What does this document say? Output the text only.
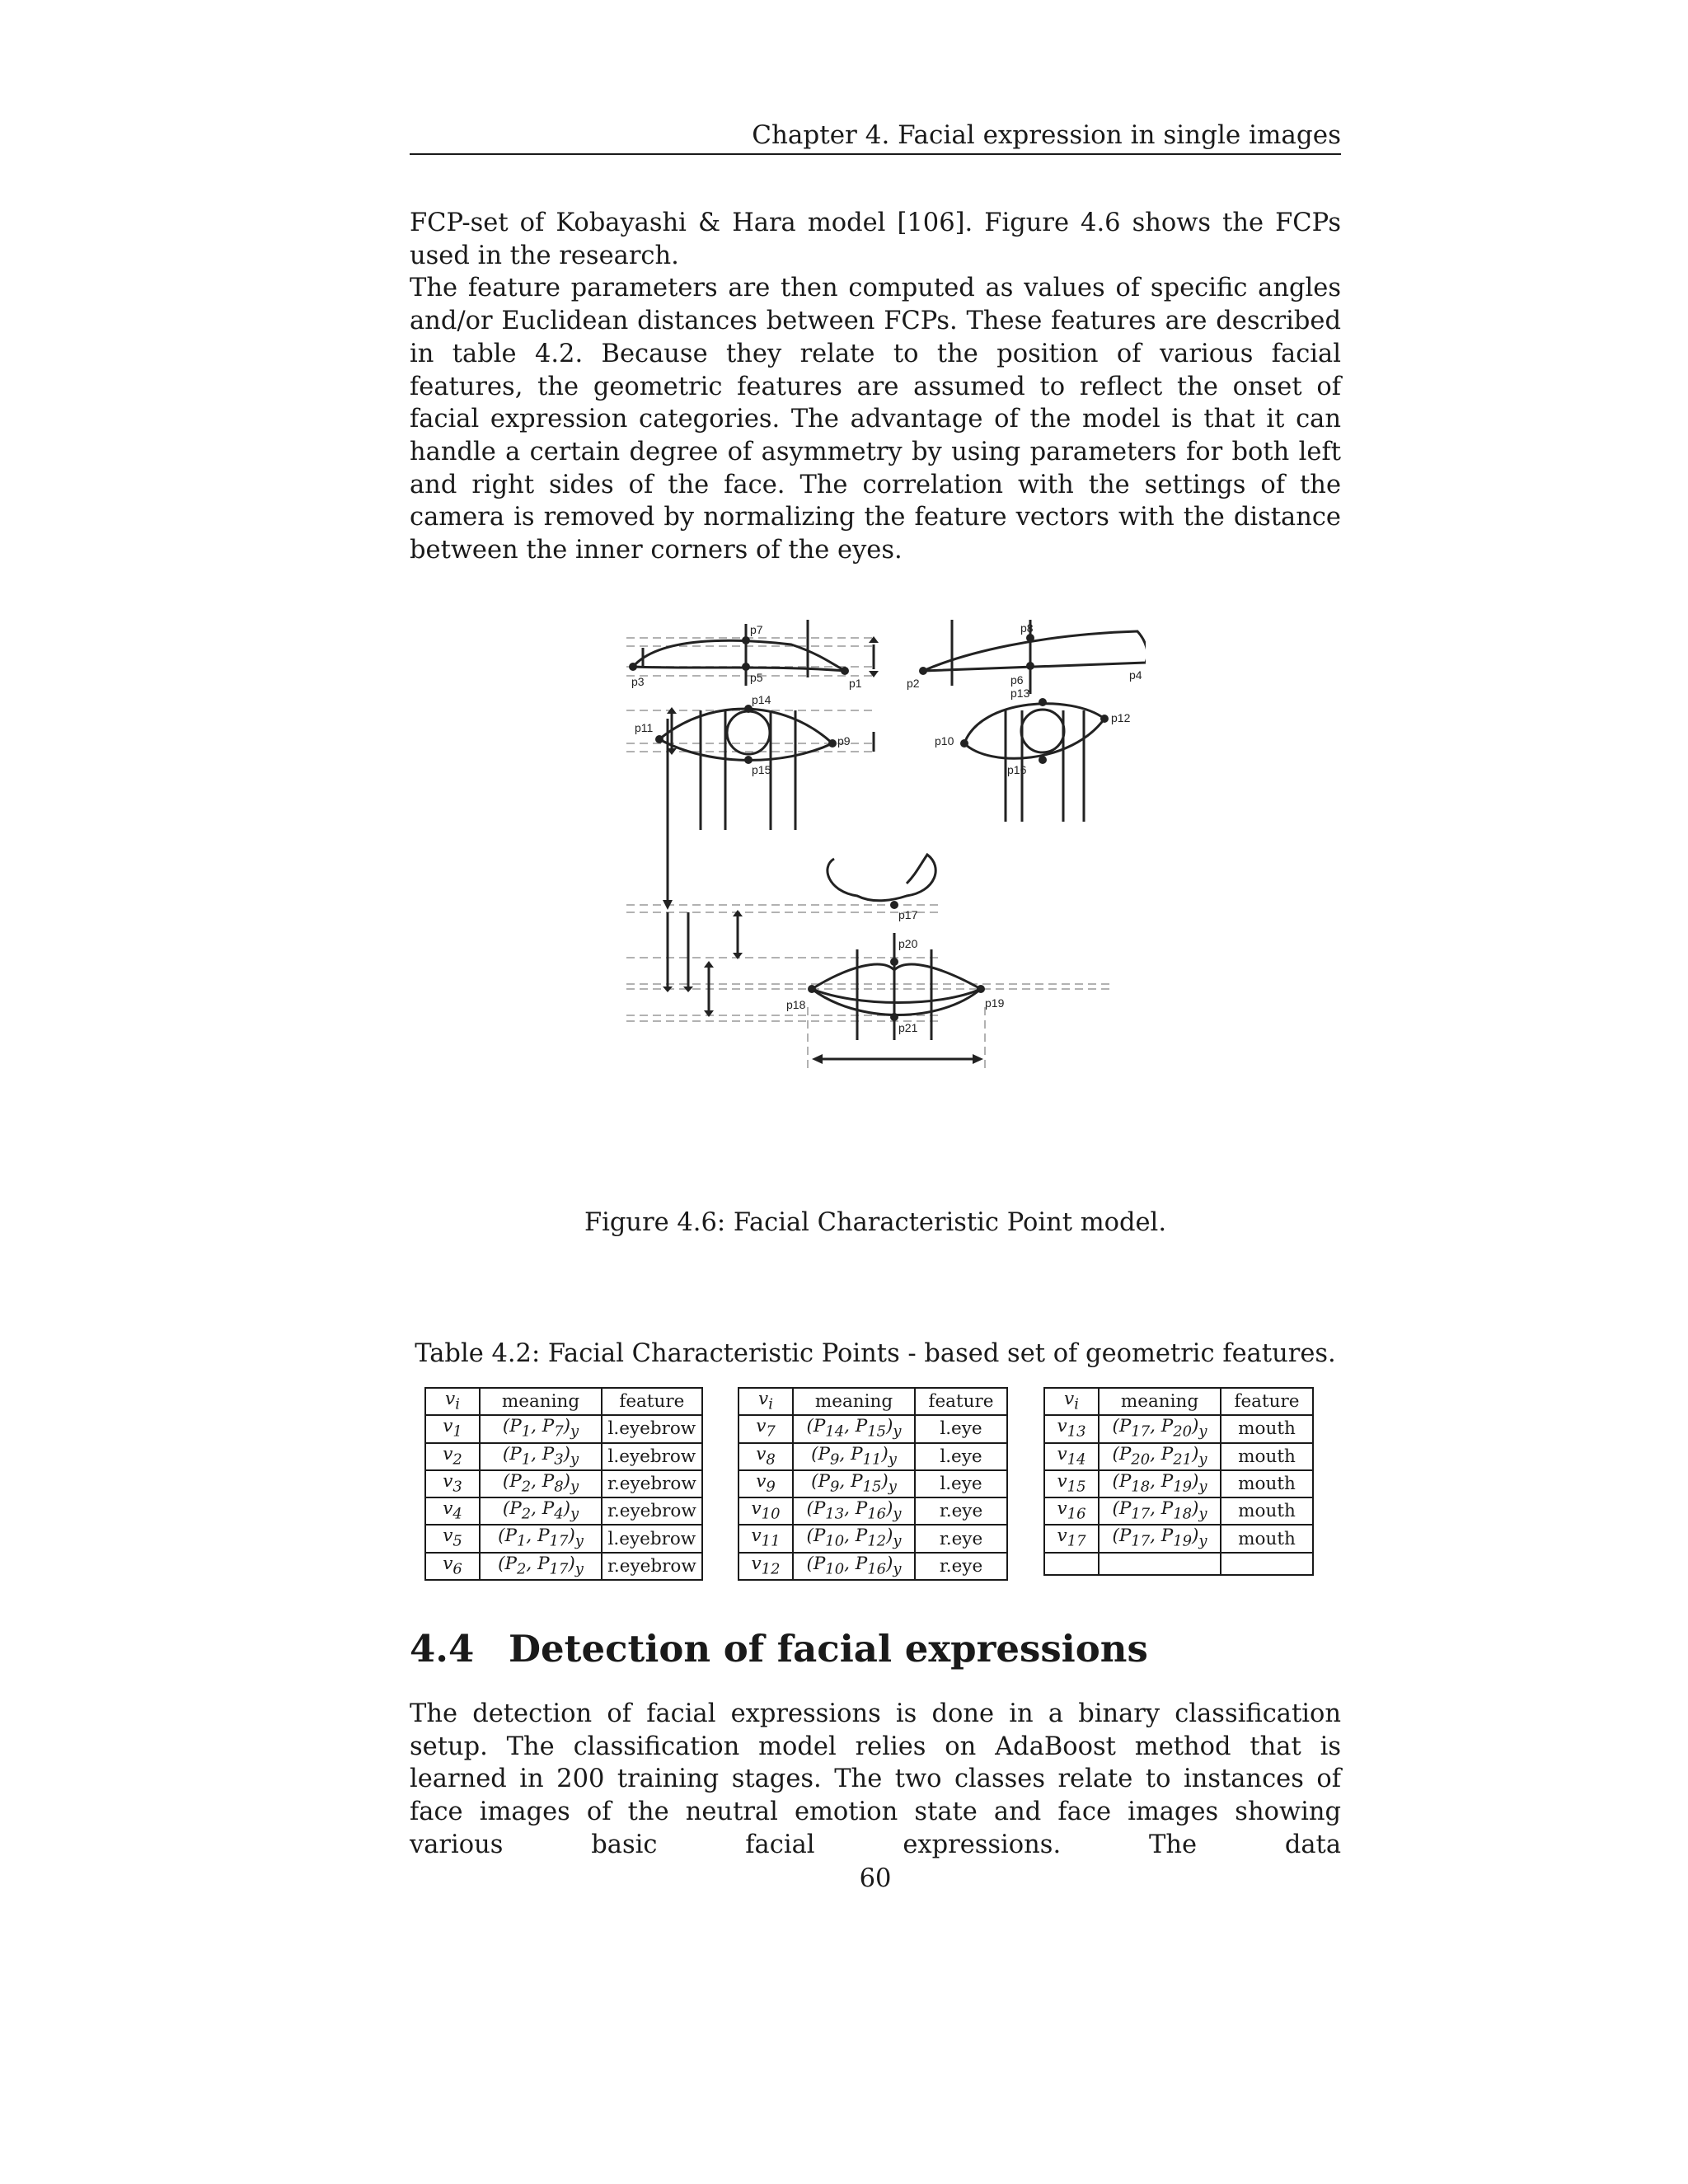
Chapter 4. Facial expression in single images

FCP-set of Kobayashi & Hara model [106]. Figure 4.6 shows the FCPs used in the research.

The feature parameters are then computed as values of specific angles and/or Euclidean distances between FCPs. These features are described in table 4.2. Because they relate to the position of various facial features, the geometric features are assumed to reflect the onset of facial expression categories. The advantage of the model is that it can handle a certain degree of asymmetry by using parameters for both left and right sides of the face. The correlation with the settings of the camera is removed by normalizing the feature vectors with the distance between the inner corners of the eyes.

p1	p2
p3	p4
p5	p6
p7	p8
p9	p10
p11
p12
p13
p14
p15	p16
p17
p18	p19
p20
p21
Figure 4.6: Facial Characteristic Point model.
Table 4.2: Facial Characteristic Points - based set of geometric features.
$v_i$	meaning	feature
$v_1$	($P_1$, $P_7)_y$	l.eyebrow
$v_2$	($P_1$, $P_3)_y$	l.eyebrow
$v_3$	($P_2$, $P_8)_y$	r.eyebrow
$v_4$	($P_2$, $P_4)_y$	r.eyebrow
$v_5$	($P_1$, $P_{17})_y$	l.eyebrow
$v_6$	($P_2$, $P_{17})_y$	r.eyebrow
$v_i$	meaning	feature
$v_7$	($P_{14}$, $P_{15})_y$	l.eye
$v_8$	($P_9$, $P_{11})_y$	l.eye
$v_9$	($P_9$, $P_{15})_y$	l.eye
$v_{10}$	($P_{13}$, $P_{16})_y$	r.eye
$v_{11}$	($P_{10}$, $P_{12})_y$	r.eye
$v_{12}$	($P_{10}$, $P_{16})_y$	r.eye
$v_i$	meaning	feature
$v_{13}$	($P_{17}$, $P_{20})_y$	mouth
$v_{14}$	($P_{20}$, $P_{21})_y$	mouth
$v_{15}$	($P_{18}$, $P_{19})_y$	mouth
$v_{16}$	($P_{17}$, $P_{18})_y$	mouth
$v_{17}$	($P_{17}$, $P_{19})_y$	mouth

4.4 Detection of facial expressions

The detection of facial expressions is done in a binary classification setup. The classification model relies on AdaBoost method that is learned in 200 training stages. The two classes relate to instances of face images of the neutral emotion state and face images showing various basic facial expressions. The data

60
